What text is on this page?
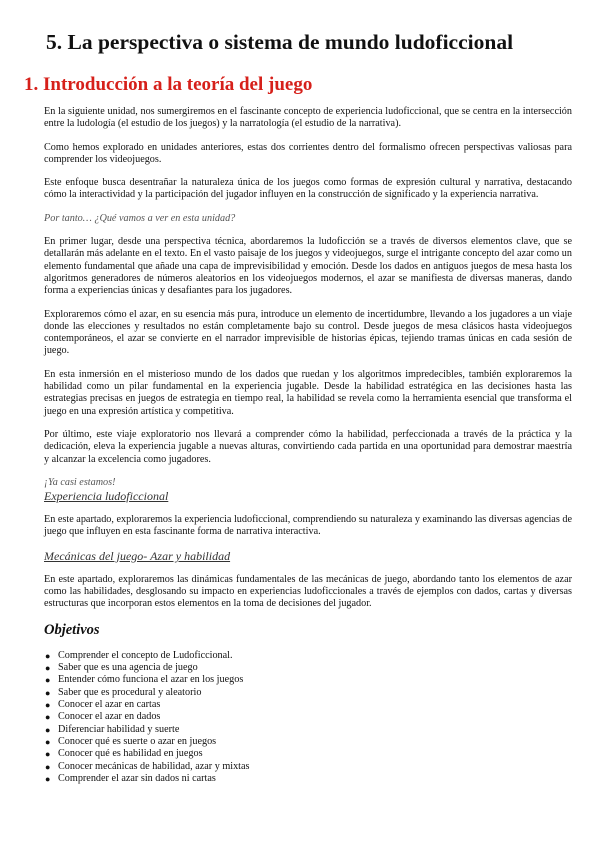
5. La perspectiva o sistema de mundo ludoficcional
1. Introducción a la teoría del juego

En la siguiente unidad, nos sumergiremos en el fascinante concepto de experiencia ludoficcional, que se centra en la intersección entre la ludología (el estudio de los juegos) y la narratología (el estudio de la narrativa).

Como hemos explorado en unidades anteriores, estas dos corrientes dentro del formalismo ofrecen perspectivas valiosas para comprender los videojuegos.

Este enfoque busca desentrañar la naturaleza única de los juegos como formas de expresión cultural y narrativa, destacando cómo la interactividad y la participación del jugador influyen en la construcción de significado y la experiencia narrativa.

Por tanto… ¿Qué vamos a ver en esta unidad?

En primer lugar, desde una perspectiva técnica, abordaremos la ludoficción se a través de diversos elementos clave, que se detallarán más adelante en el texto. En el vasto paisaje de los juegos y videojuegos, surge el intrigante concepto del azar como un elemento fundamental que añade una capa de imprevisibilidad y emoción. Desde los dados en antiguos juegos de mesa hasta los algoritmos generadores de números aleatorios en los videojuegos modernos, el azar se manifiesta de diversas maneras, dando forma a experiencias únicas y desafiantes para los jugadores.

Exploraremos cómo el azar, en su esencia más pura, introduce un elemento de incertidumbre, llevando a los jugadores a un viaje donde las elecciones y resultados no están completamente bajo su control. Desde juegos de mesa clásicos hasta videojuegos contemporáneos, el azar se convierte en el narrador imprevisible de historias épicas, tejiendo tramas únicas en cada sesión de juego.

En esta inmersión en el misterioso mundo de los dados que ruedan y los algoritmos impredecibles, también exploraremos la habilidad como un pilar fundamental en la experiencia jugable. Desde la habilidad estratégica en las decisiones hasta las estrategias precisas en juegos de estrategia en tiempo real, la habilidad se revela como la herramienta esencial que transforma el juego en una expresión artística y competitiva.

Por último, este viaje exploratorio nos llevará a comprender cómo la habilidad, perfeccionada a través de la práctica y la dedicación, eleva la experiencia jugable a nuevas alturas, convirtiendo cada partida en una oportunidad para demostrar maestría y alcanzar la excelencia como jugadores.

¡Ya casi estamos!

Experiencia ludoficcional

En este apartado, exploraremos la experiencia ludoficcional, comprendiendo su naturaleza y examinando las diversas agencias de juego que influyen en esta fascinante forma de narrativa interactiva.

Mecánicas del juego- Azar y habilidad

En este apartado, exploraremos las dinámicas fundamentales de las mecánicas de juego, abordando tanto los elementos de azar como las habilidades, desglosando su impacto en experiencias ludoficcionales a través de ejemplos con dados, cartas y diversas estructuras que incorporan estos elementos en la toma de decisiones del jugador.

Objetivos

● Comprender el concepto de Ludoficcional.
● Saber que es una agencia de juego
● Entender cómo funciona el azar en los juegos
● Saber que es procedural y aleatorio
● Conocer el azar en cartas
● Conocer el azar en dados
● Diferenciar habilidad y suerte
● Conocer qué es suerte o azar en juegos
● Conocer qué es habilidad en juegos
● Conocer mecánicas de habilidad, azar y mixtas
● Comprender el azar sin dados ni cartas
